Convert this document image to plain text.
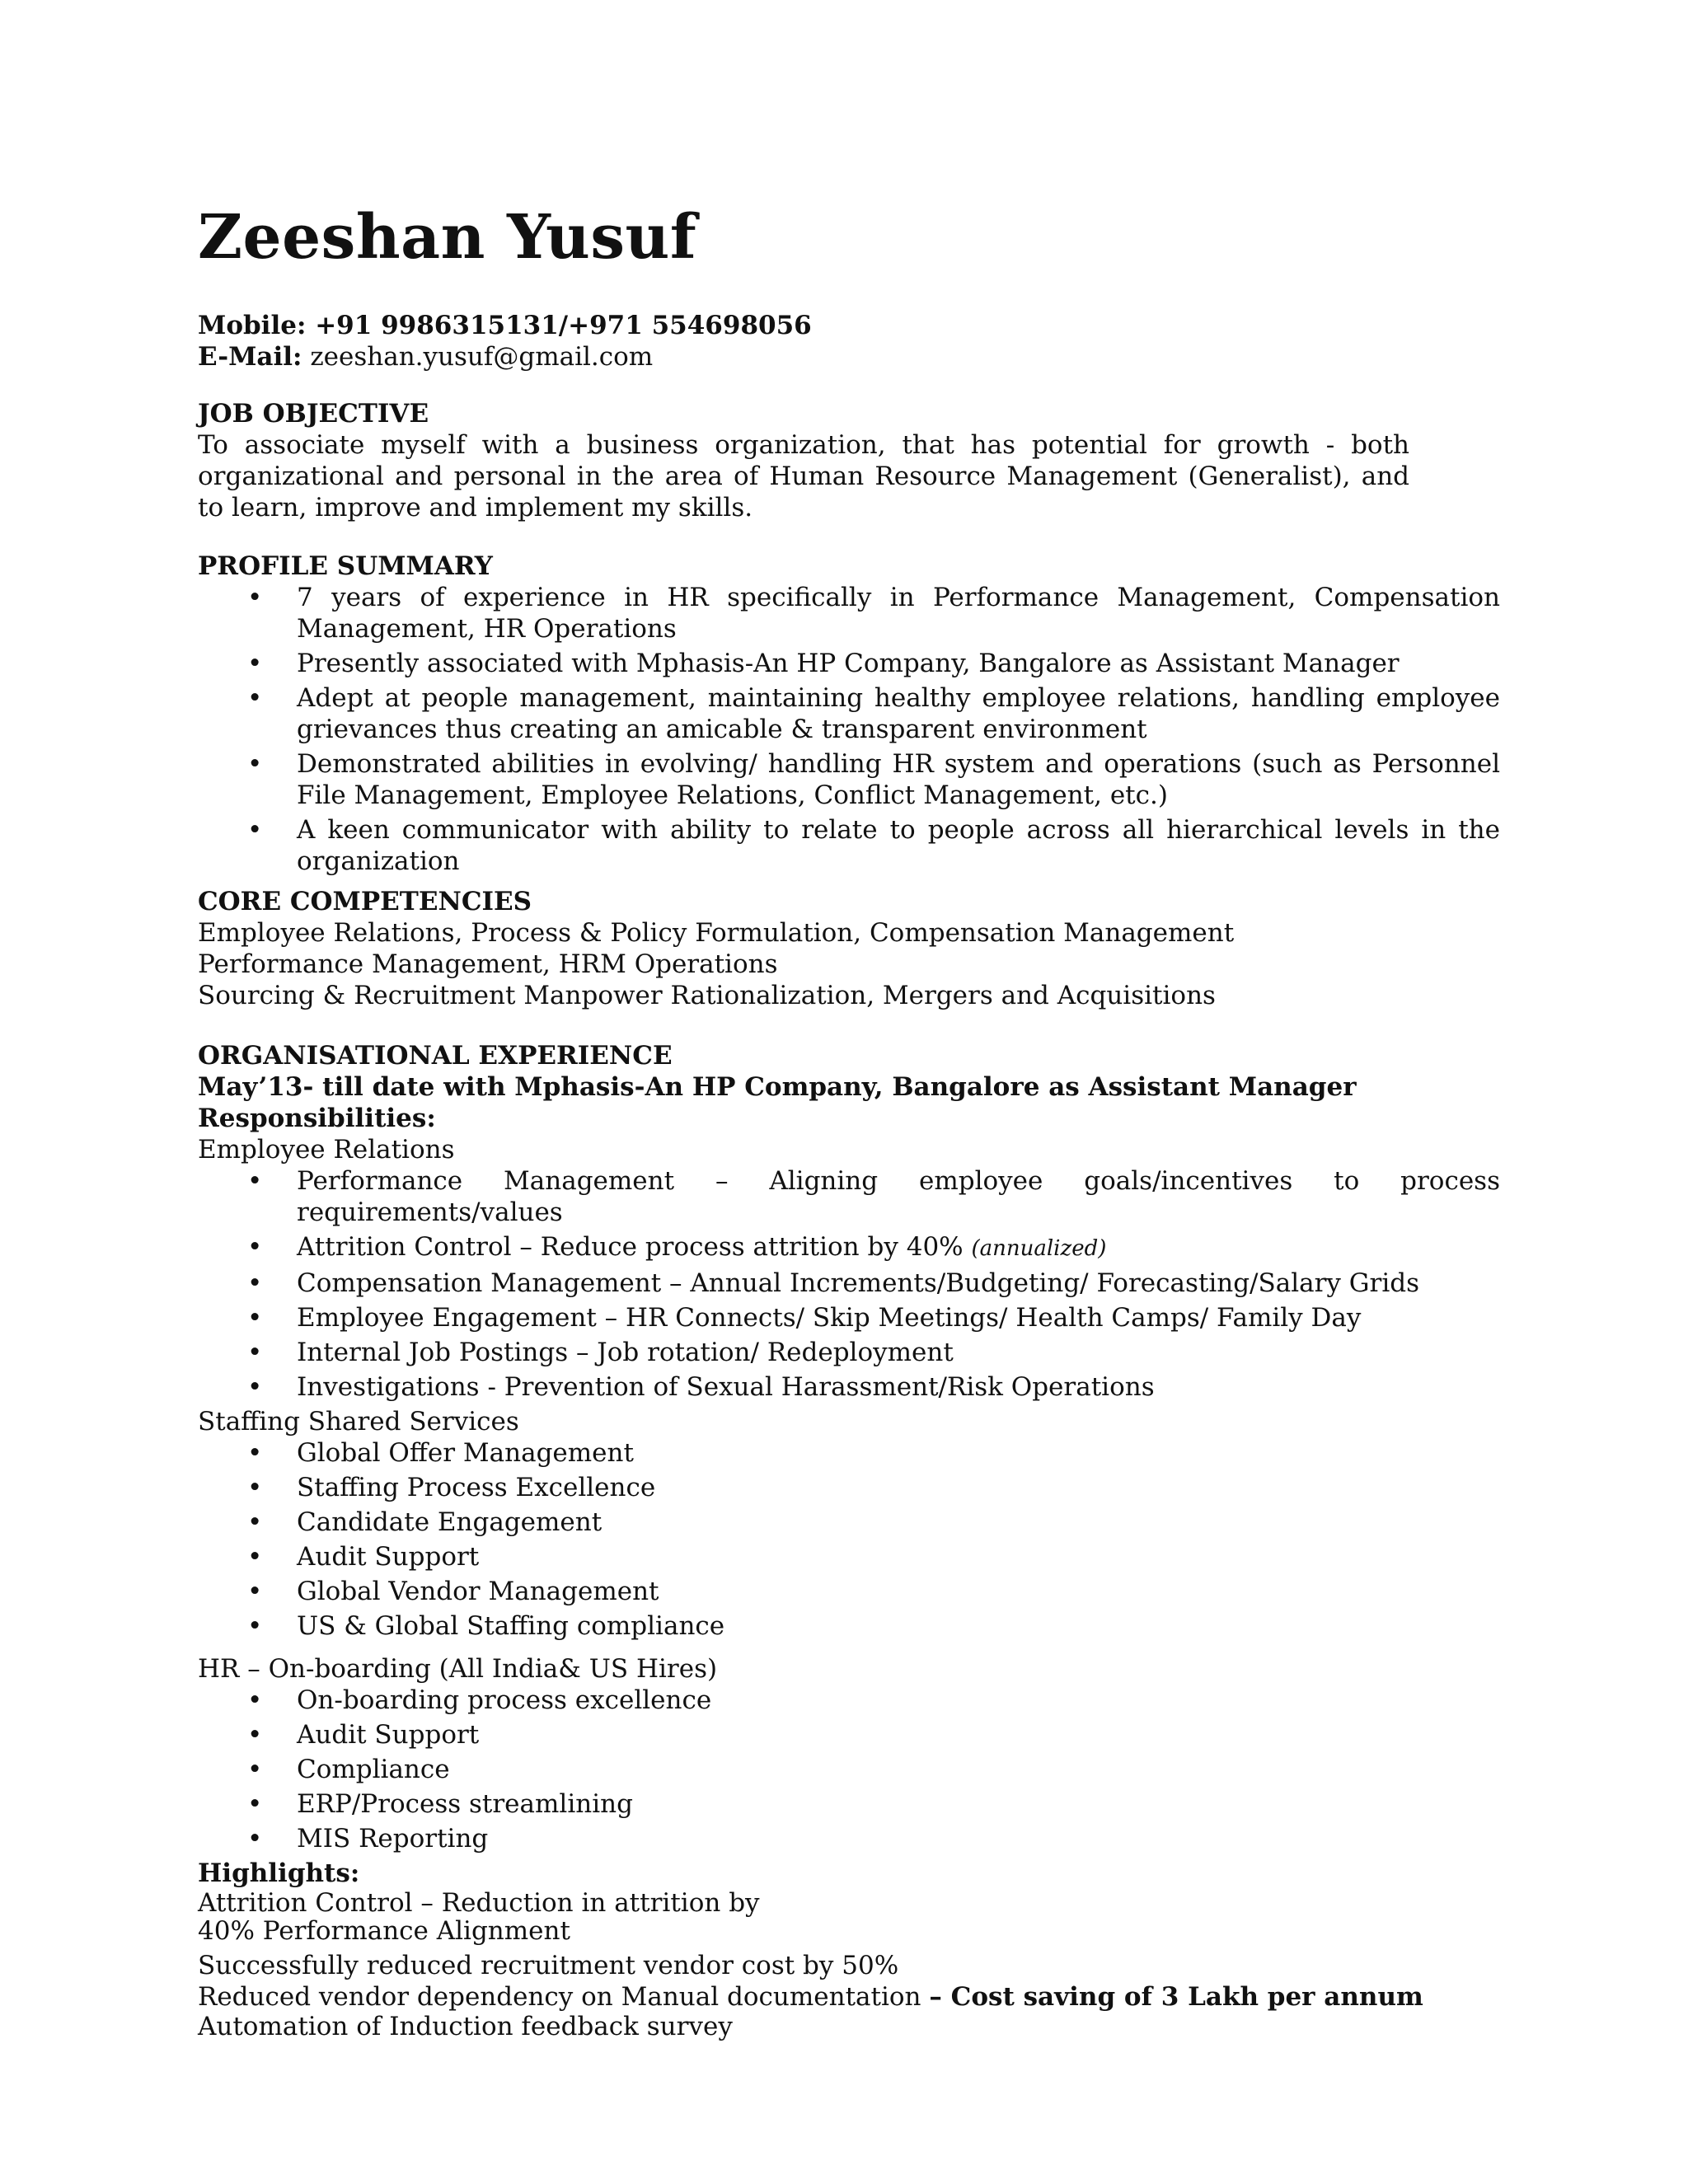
Zeeshan Yusuf
Mobile: +91 9986315131/+971 554698056
E-Mail: zeeshan.yusuf@gmail.com
JOB OBJECTIVE

To associate myself with a business organization, that has potential for growth - both organizational and personal in the area of Human Resource Management (Generalist), and to learn, improve and implement my skills.

PROFILE SUMMARY
• 7 years of experience in HR specifically in Performance Management, Compensation Management, HR Operations
• Presently associated with Mphasis-An HP Company, Bangalore as Assistant Manager
• Adept at people management, maintaining healthy employee relations, handling employee grievances thus creating an amicable & transparent environment
• Demonstrated abilities in evolving/ handling HR system and operations (such as Personnel File Management, Employee Relations, Conflict Management, etc.)
• A keen communicator with ability to relate to people across all hierarchical levels in the organization
CORE COMPETENCIES

Employee Relations, Process & Policy Formulation, Compensation Management

Performance Management, HRM Operations

Sourcing & Recruitment Manpower Rationalization, Mergers and Acquisitions

ORGANISATIONAL EXPERIENCE
May’13- till date with Mphasis-An HP Company, Bangalore as Assistant Manager
Responsibilities:

Employee Relations

• Performance Management – Aligning employee goals/incentives to process requirements/values
• Attrition Control – Reduce process attrition by 40% (annualized)
• Compensation Management – Annual Increments/Budgeting/ Forecasting/Salary Grids
• Employee Engagement – HR Connects/ Skip Meetings/ Health Camps/ Family Day
• Internal Job Postings – Job rotation/ Redeployment
• Investigations - Prevention of Sexual Harassment/Risk Operations

Staffing Shared Services

• Global Offer Management
• Staffing Process Excellence
• Candidate Engagement
• Audit Support
• Global Vendor Management
• US & Global Staffing compliance

HR – On-boarding (All India& US Hires)

• On-boarding process excellence
• Audit Support
• Compliance
• ERP/Process streamlining
• MIS Reporting
Highlights:

Attrition Control – Reduction in attrition by

40% Performance Alignment

Successfully reduced recruitment vendor cost by 50%

Reduced vendor dependency on Manual documentation – Cost saving of 3 Lakh per annum

Automation of Induction feedback survey
